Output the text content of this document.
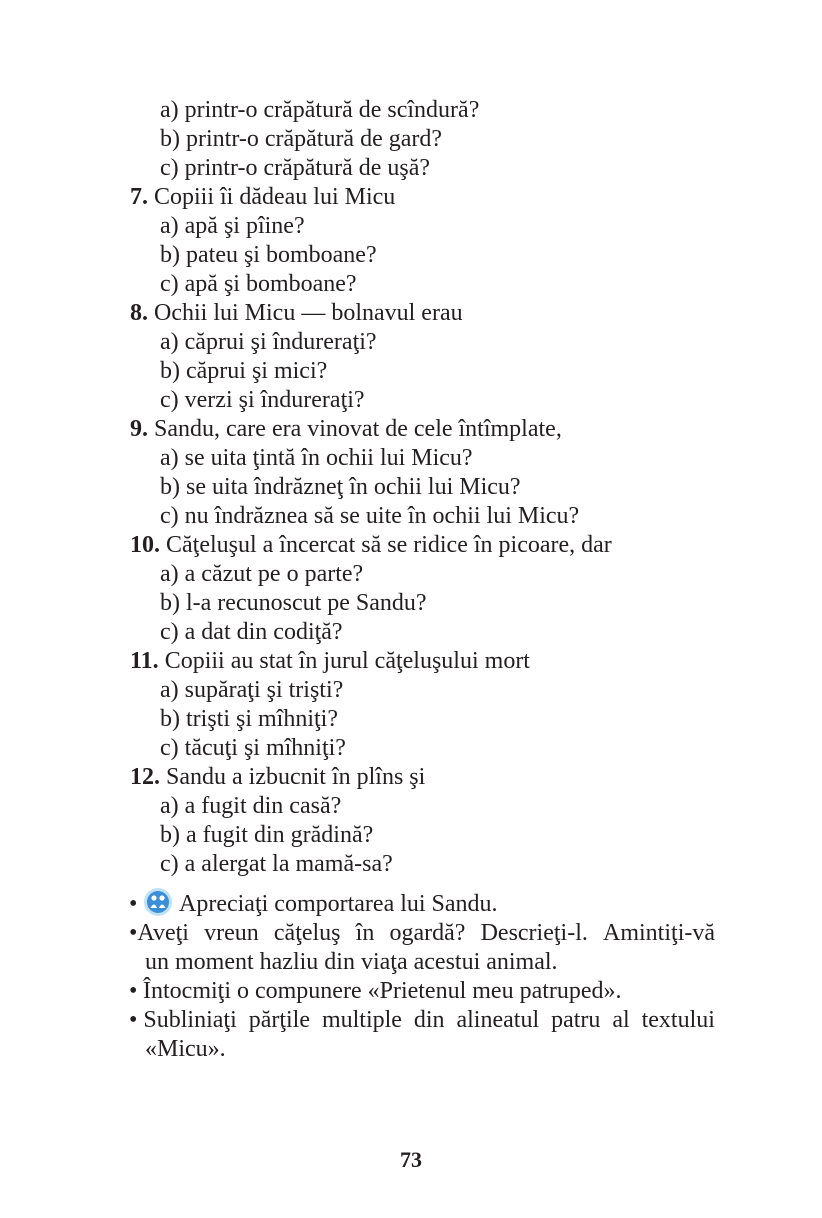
a) printr-o crăpătură de scîndură?
b) printr-o crăpătură de gard?
c) printr-o crăpătură de uşă?
7. Copiii îi dădeau lui Micu
a) apă şi pîine?
b) pateu şi bomboane?
c) apă şi bomboane?
8. Ochii lui Micu — bolnavul erau
a) căprui şi îndureraţi?
b) căprui şi mici?
c) verzi şi îndureraţi?
9. Sandu, care era vinovat de cele întîmplate,
a) se uita ţintă în ochii lui Micu?
b) se uita îndrăzneţ în ochii lui Micu?
c) nu îndrăznea să se uite în ochii lui Micu?
10. Căţeluşul a încercat să se ridice în picoare, dar
a) a căzut pe o parte?
b) l-a recunoscut pe Sandu?
c) a dat din codiţă?
11. Copiii au stat în jurul căţeluşului mort
a) supăraţi şi trişti?
b) trişti şi mîhniţi?
c) tăcuţi şi mîhniţi?
12. Sandu a izbucnit în plîns şi
a) a fugit din casă?
b) a fugit din grădină?
c) a alergat la mamă-sa?
• Apreciaţi comportarea lui Sandu.
•Aveţi vreun căţeluş în ogardă? Descrieţi-l. Amintiţi-vă
un moment hazliu din viaţa acestui animal.
• Întocmiţi o compunere «Prietenul meu patruped».
• Subliniaţi părţile multiple din alineatul patru al textului
«Micu».
73
